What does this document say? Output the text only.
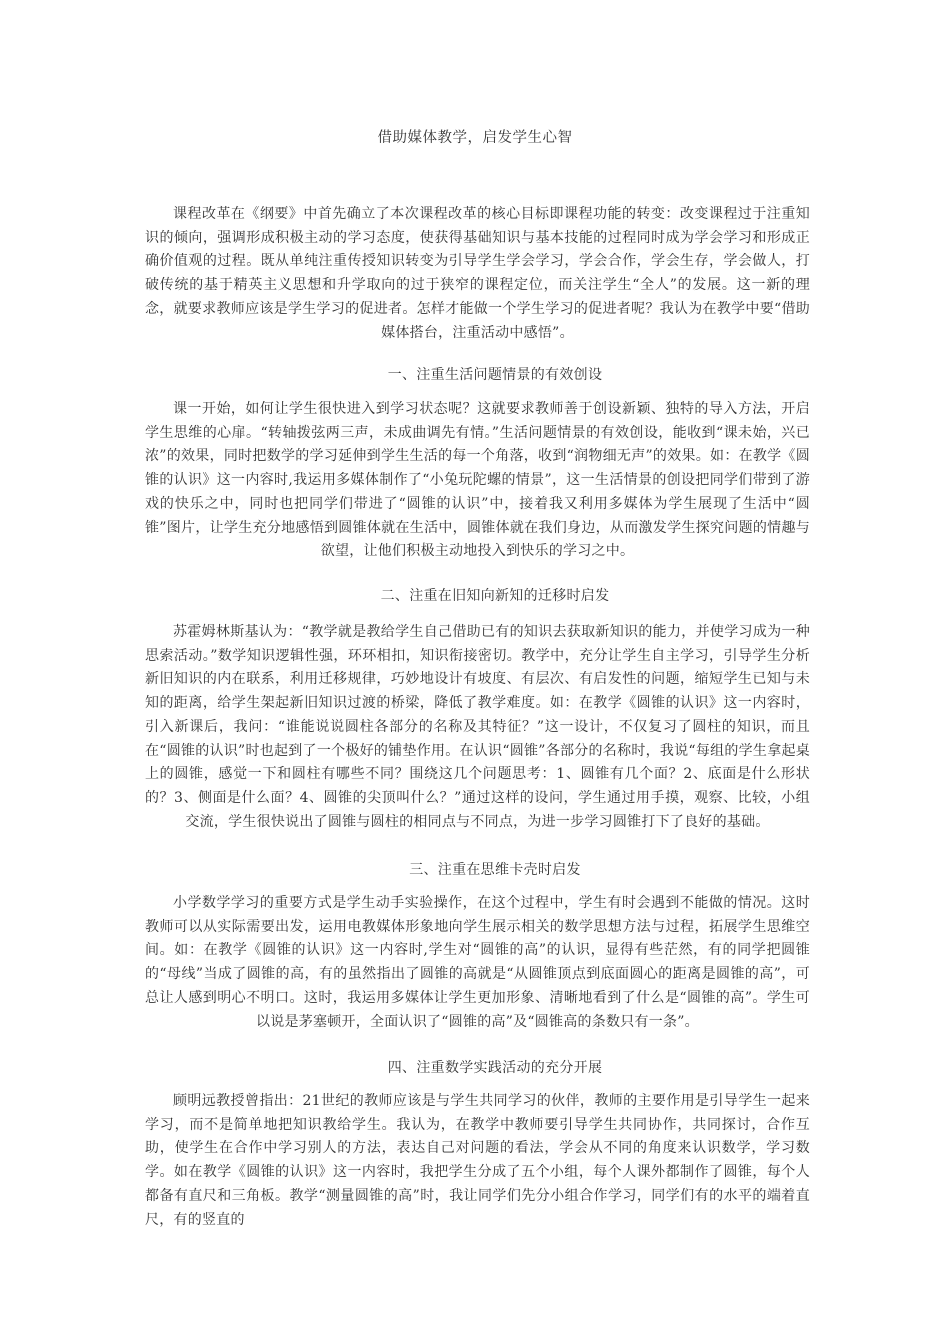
借助媒体教学，启发学生心智
课程改革在《纲要》中首先确立了本次课程改革的核心目标即课程功能的转变：改变课程过于注重知识的倾向，强调形成积极主动的学习态度，使获得基础知识与基本技能的过程同时成为学会学习和形成正确价值观的过程。既从单纯注重传授知识转变为引导学生学会学习，学会合作，学会生存，学会做人，打破传统的基于精英主义思想和升学取向的过于狭窄的课程定位，而关注学生“全人”的发展。这一新的理念，就要求教师应该是学生学习的促进者。怎样才能做一个学生学习的促进者呢？我认为在教学中要“借助媒体搭台，注重活动中感悟”。
一、注重生活问题情景的有效创设
课一开始，如何让学生很快进入到学习状态呢？这就要求教师善于创设新颖、独特的导入方法，开启学生思维的心扉。“转轴拨弦两三声，未成曲调先有情。”生活问题情景的有效创设，能收到“课未始，兴已浓”的效果，同时把数学的学习延伸到学生生活的每一个角落，收到“润物细无声”的效果。如：在教学《圆锥的认识》这一内容时,我运用多媒体制作了“小兔玩陀螺的情景”，这一生活情景的创设把同学们带到了游戏的快乐之中，同时也把同学们带进了“圆锥的认识”中，接着我又利用多媒体为学生展现了生活中“圆锥”图片，让学生充分地感悟到圆锥体就在生活中，圆锥体就在我们身边，从而激发学生探究问题的情趣与欲望，让他们积极主动地投入到快乐的学习之中。
二、注重在旧知向新知的迁移时启发
苏霍姆林斯基认为：“教学就是教给学生自己借助已有的知识去获取新知识的能力，并使学习成为一种思索活动。”数学知识逻辑性强，环环相扣，知识衔接密切。教学中，充分让学生自主学习，引导学生分析新旧知识的内在联系，利用迁移规律，巧妙地设计有坡度、有层次、有启发性的问题，缩短学生已知与未知的距离，给学生架起新旧知识过渡的桥梁，降低了教学难度。如：在教学《圆锥的认识》这一内容时，引入新课后，我问：“谁能说说圆柱各部分的名称及其特征？”这一设计，不仅复习了圆柱的知识，而且在“圆锥的认识”时也起到了一个极好的铺垫作用。在认识“圆锥”各部分的名称时，我说“每组的学生拿起桌上的圆锥，感觉一下和圆柱有哪些不同？围绕这几个问题思考：1、圆锥有几个面？2、底面是什么形状的？3、侧面是什么面？4、圆锥的尖顶叫什么？”通过这样的设问，学生通过用手摸，观察、比较，小组交流，学生很快说出了圆锥与圆柱的相同点与不同点，为进一步学习圆锥打下了良好的基础。
三、注重在思维卡壳时启发
小学数学学习的重要方式是学生动手实验操作，在这个过程中，学生有时会遇到不能做的情况。这时教师可以从实际需要出发，运用电教媒体形象地向学生展示相关的数学思想方法与过程，拓展学生思维空间。如：在教学《圆锥的认识》这一内容时,学生对“圆锥的高”的认识，显得有些茫然，有的同学把圆锥的“母线”当成了圆锥的高，有的虽然指出了圆锥的高就是“从圆锥顶点到底面圆心的距离是圆锥的高”，可总让人感到明心不明口。这时，我运用多媒体让学生更加形象、清晰地看到了什么是“圆锥的高”。学生可以说是茅塞顿开，全面认识了“圆锥的高”及“圆锥高的条数只有一条”。
四、注重数学实践活动的充分开展
顾明远教授曾指出：21世纪的教师应该是与学生共同学习的伙伴，教师的主要作用是引导学生一起来学习，而不是简单地把知识教给学生。我认为，在教学中教师要引导学生共同协作，共同探讨，合作互助，使学生在合作中学习别人的方法，表达自己对问题的看法，学会从不同的角度来认识数学，学习数学。如在教学《圆锥的认识》这一内容时，我把学生分成了五个小组，每个人课外都制作了圆锥，每个人都备有直尺和三角板。教学“测量圆锥的高”时，我让同学们先分小组合作学习，同学们有的水平的端着直尺，有的竖直的
